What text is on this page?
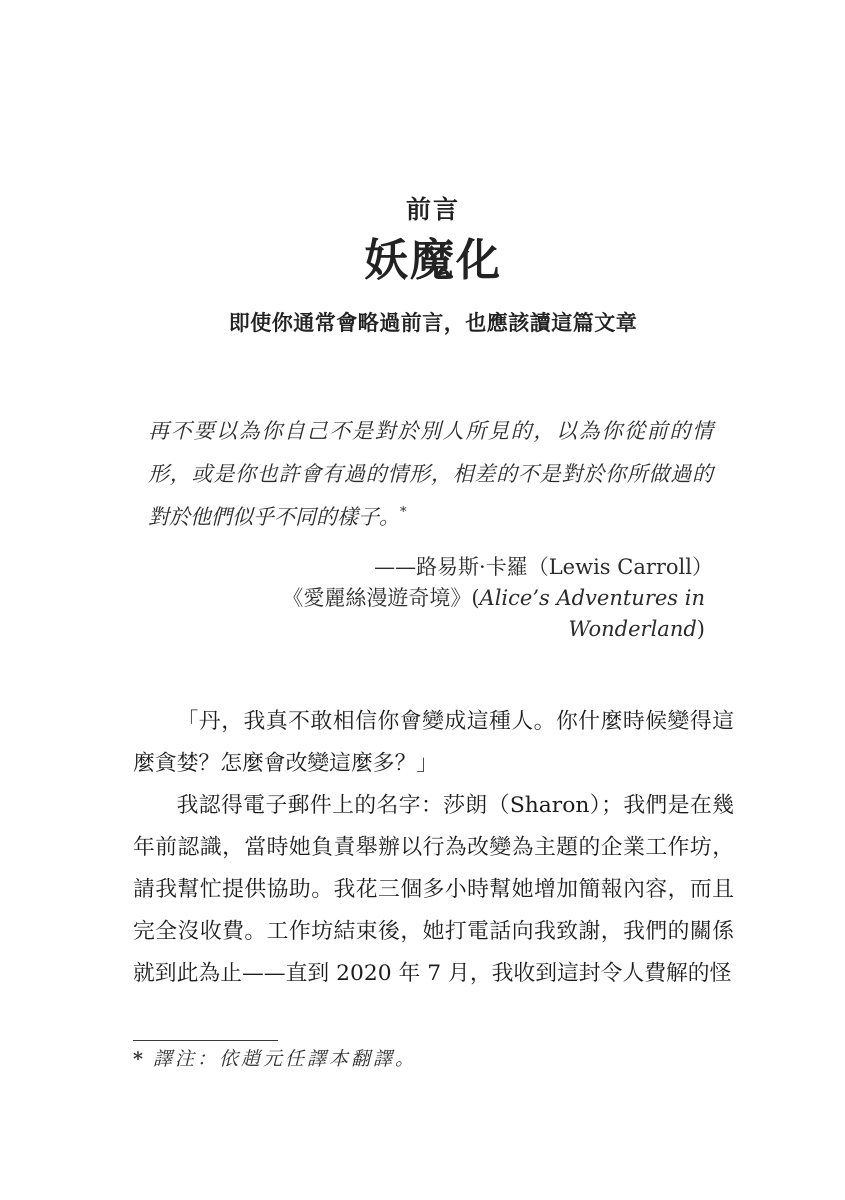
前言
妖魔化
即使你通常會略過前言，也應該讀這篇文章

再不要以為你自己不是對於別人所見的，以為你從前的情形，或是你也許會有過的情形，相差的不是對於你所做過的對於他們似乎不同的樣子。*

——路易斯·卡羅（Lewis Carroll）
《愛麗絲漫遊奇境》(Alice’s Adventures in Wonderland)

「丹，我真不敢相信你會變成這種人。你什麼時候變得這麼貪婪？怎麼會改變這麼多？」

我認得電子郵件上的名字：莎朗（Sharon）；我們是在幾年前認識，當時她負責舉辦以行為改變為主題的企業工作坊，請我幫忙提供協助。我花三個多小時幫她增加簡報內容，而且完全沒收費。工作坊結束後，她打電話向我致謝，我們的關係就到此為止——直到 2020 年 7 月，我收到這封令人費解的怪

* 譯注：依趙元任譯本翻譯。
